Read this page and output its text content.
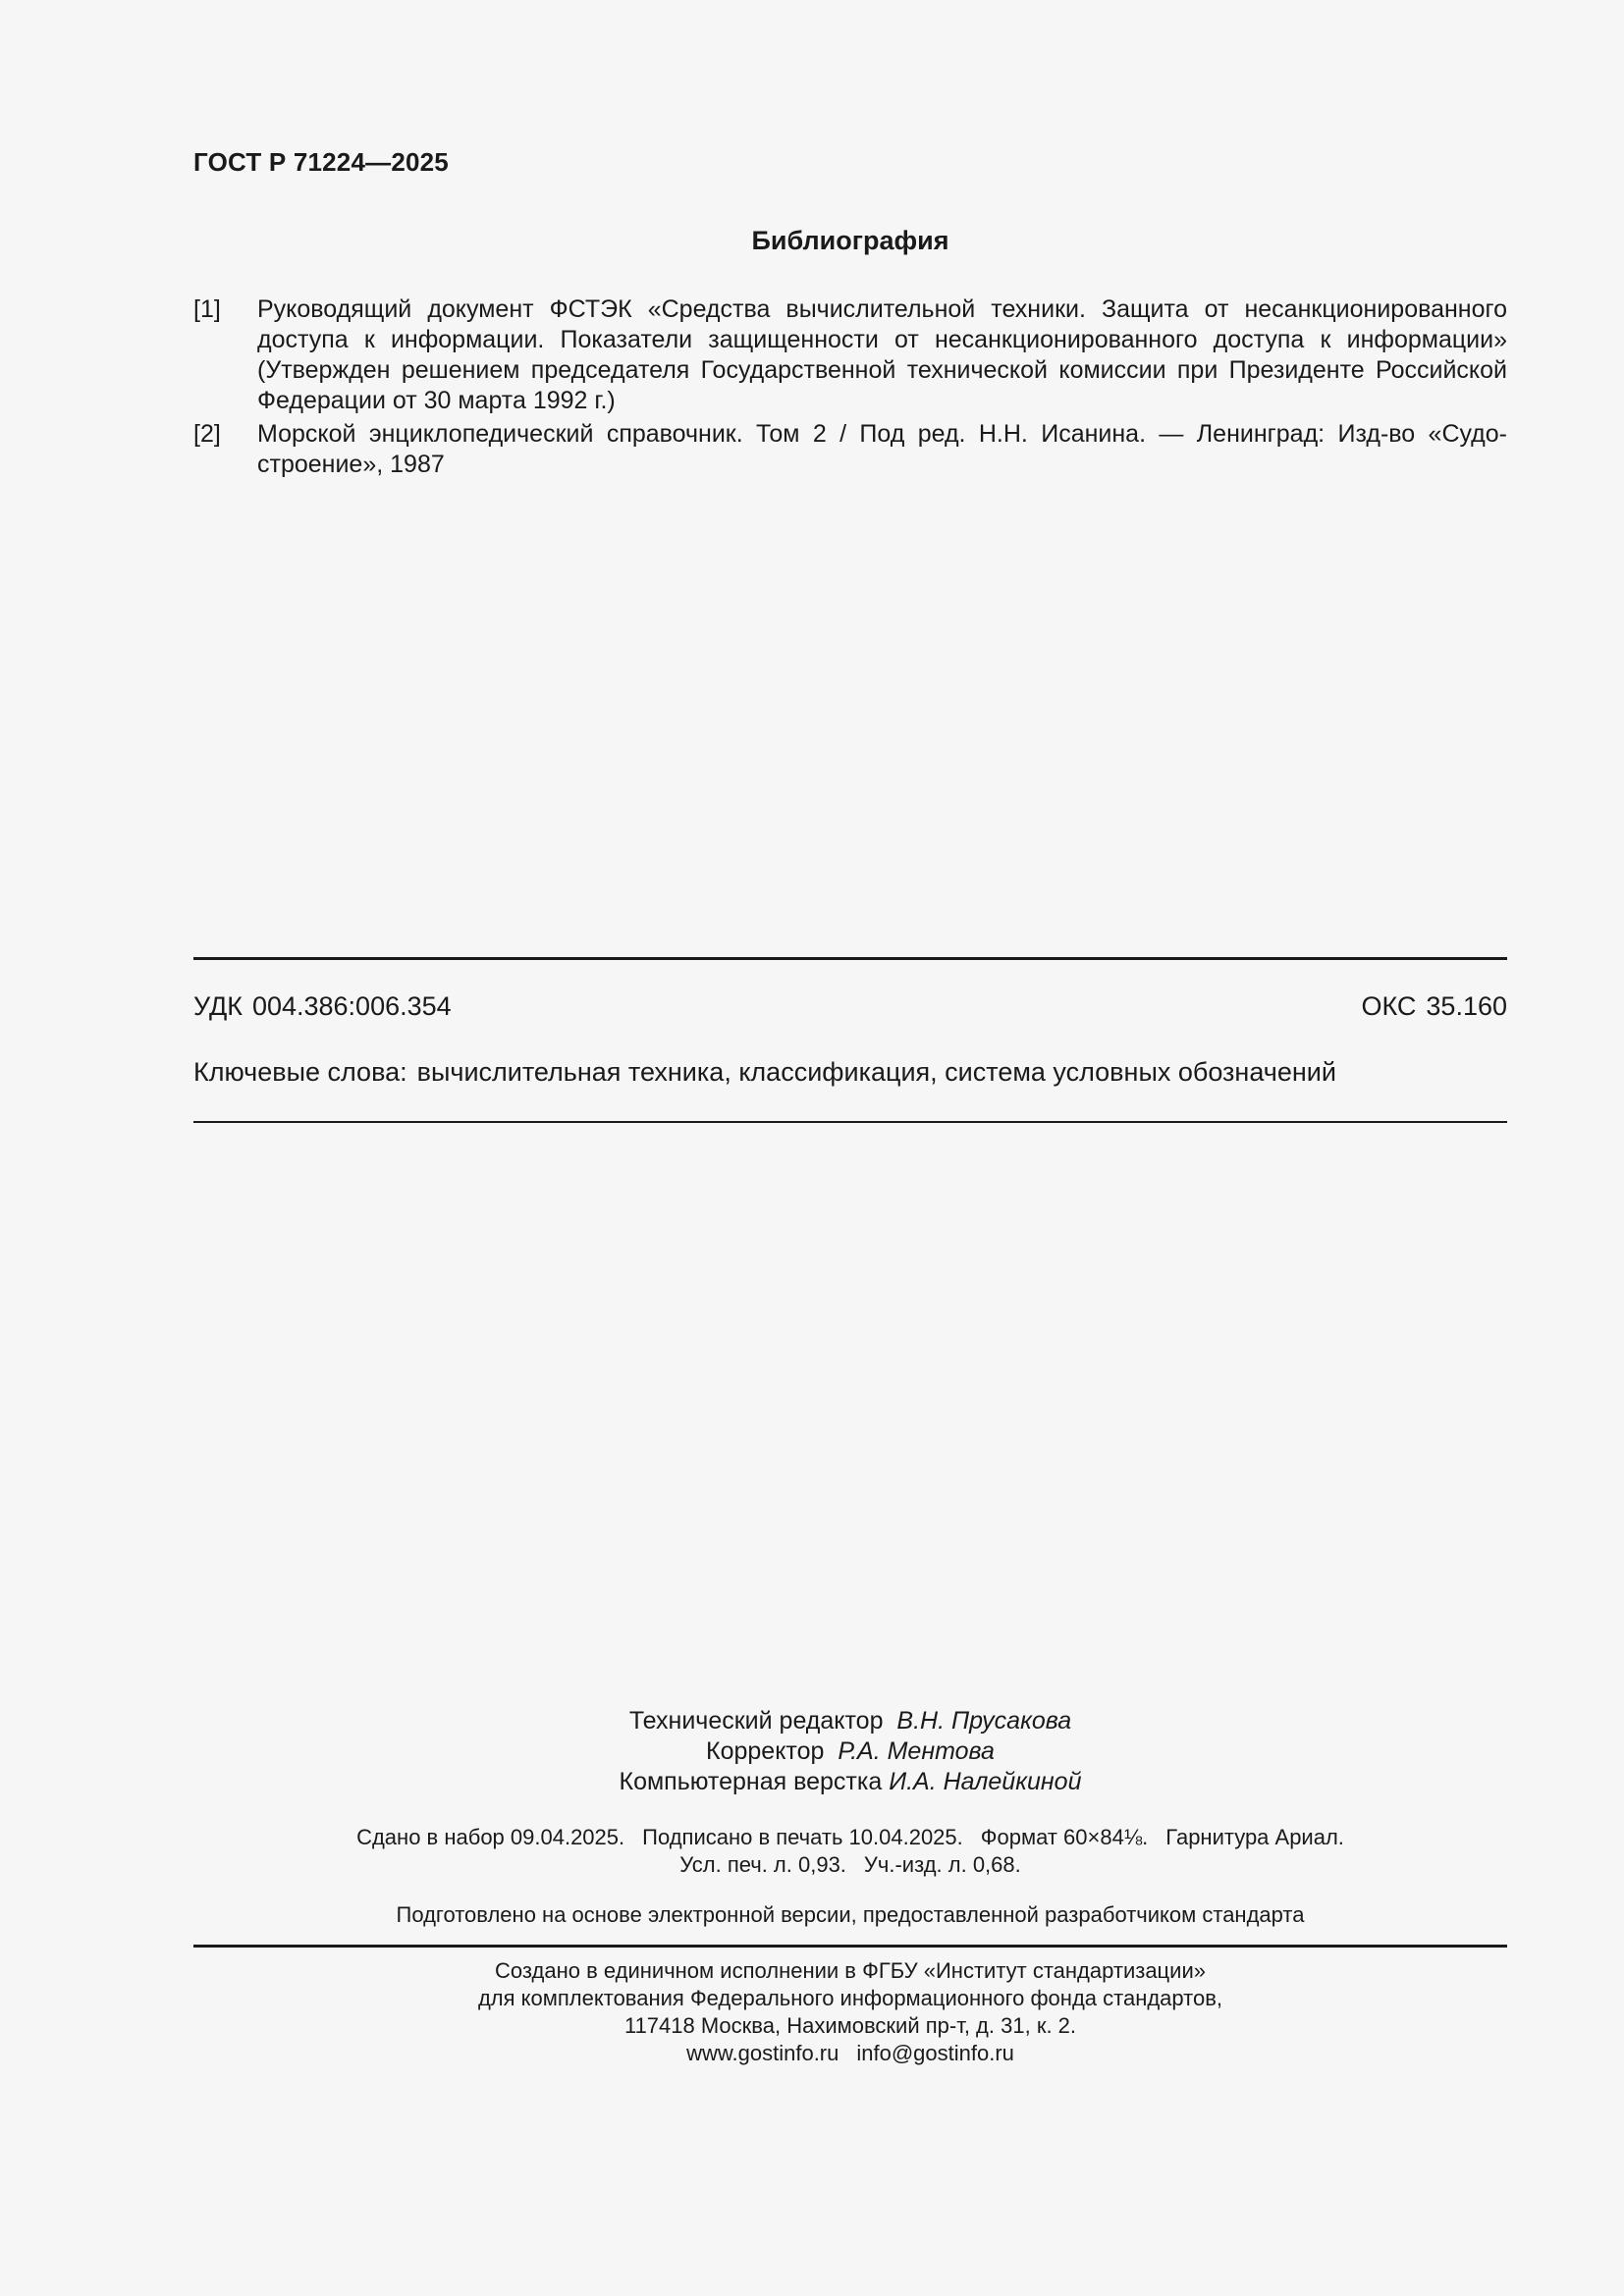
ГОСТ Р 71224—2025
Библиография
[1]	Руководящий документ ФСТЭК «Средства вычислительной техники. Защита от несанкционированного доступа к информации. Показатели защищенности от несанкционированного доступа к информации» (Утвержден решением председателя Государственной технической комиссии при Президенте Российской Федерации от 30 марта 1992 г.)
[2]	Морской энциклопедический справочник. Том 2 / Под ред. Н.Н. Исанина. — Ленинград: Изд-во «Судостроение», 1987
УДК 004.386:006.354	ОКС 35.160
Ключевые слова: вычислительная техника, классификация, система условных обозначений
Технический редактор В.Н. Прусакова
Корректор Р.А. Ментова
Компьютерная верстка И.А. Налейкиной
Сдано в набор 09.04.2025. Подписано в печать 10.04.2025. Формат 60×84⅛. Гарнитура Ариал.
Усл. печ. л. 0,93. Уч.-изд. л. 0,68.
Подготовлено на основе электронной версии, предоставленной разработчиком стандарта
Создано в единичном исполнении в ФГБУ «Институт стандартизации»
для комплектования Федерального информационного фонда стандартов,
117418 Москва, Нахимовский пр-т, д. 31, к. 2.
www.gostinfo.ru info@gostinfo.ru
